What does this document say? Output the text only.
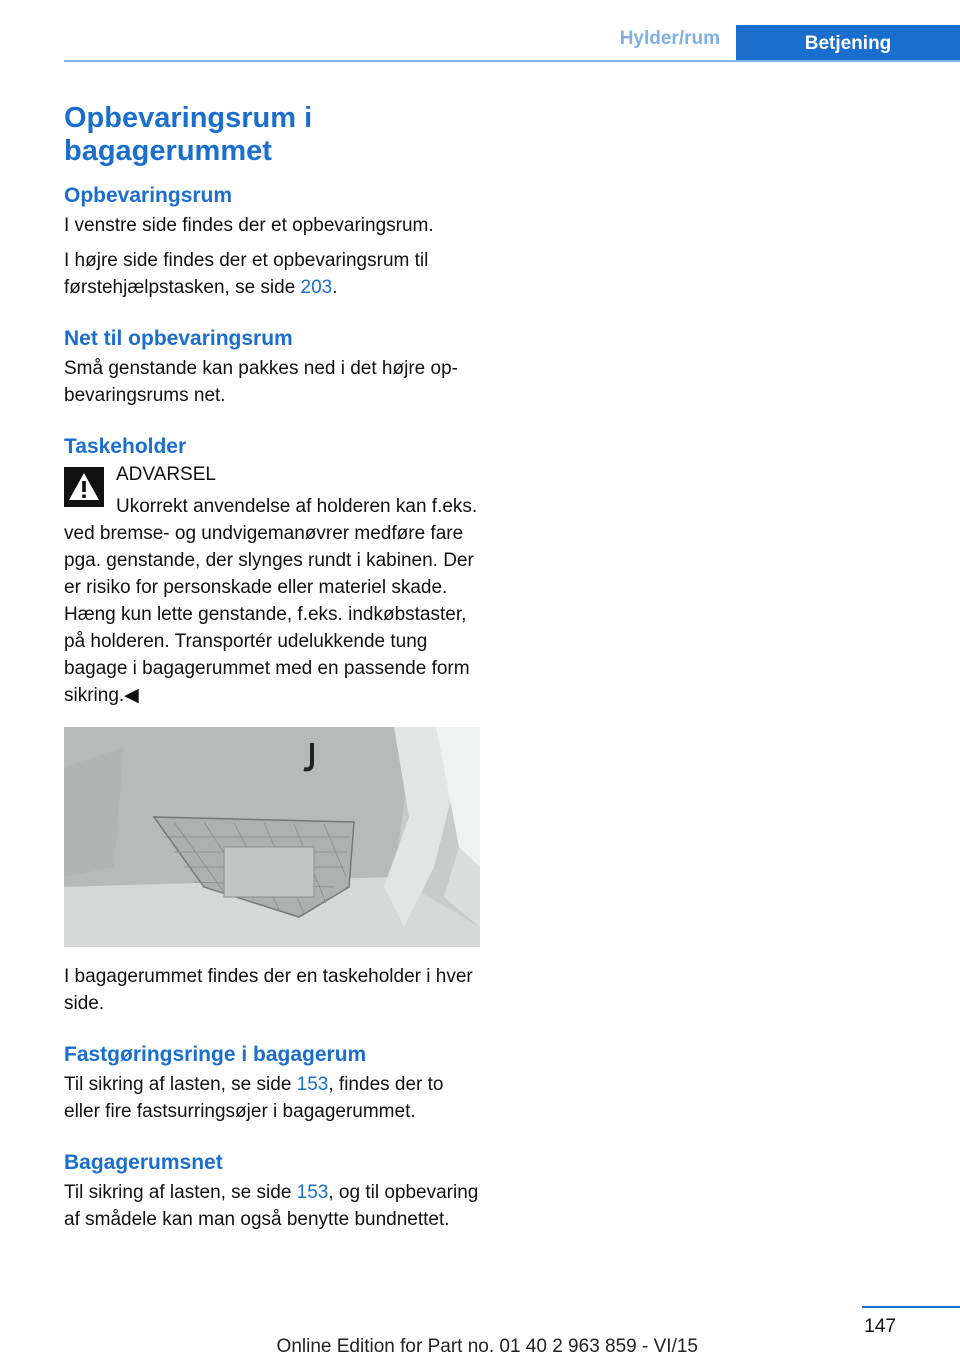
Hylder/rum	Betjening
Opbevaringsrum i
bagagerummet
Opbevaringsrum

I venstre side findes der et opbevaringsrum.

I højre side findes der et opbevaringsrum til førstehjælpstasken, se side 203.

Net til opbevaringsrum

Små genstande kan pakkes ned i det højre opbevaringsrums net.

Taskeholder

ADVARSEL

Ukorrekt anvendelse af holderen kan f.eks. ved bremse- og undvigemanøvrer medføre fare pga. genstande, der slynges rundt i kabinen. Der er risiko for personskade eller materiel skade. Hæng kun lette genstande, f.eks. indkøbstaster, på holderen. Transportér udelukkende tung bagage i bagagerummet med en passende form sikring.◀

I bagagerummet findes der en taskeholder i hver side.

Fastgøringsringe i bagagerum

Til sikring af lasten, se side 153, findes der to eller fire fastsurringsøjer i bagagerummet.

Bagagerumsnet

Til sikring af lasten, se side 153, og til opbevaring af smådele kan man også benytte bundnettet.

147
Online Edition for Part no. 01 40 2 963 859 - VI/15
